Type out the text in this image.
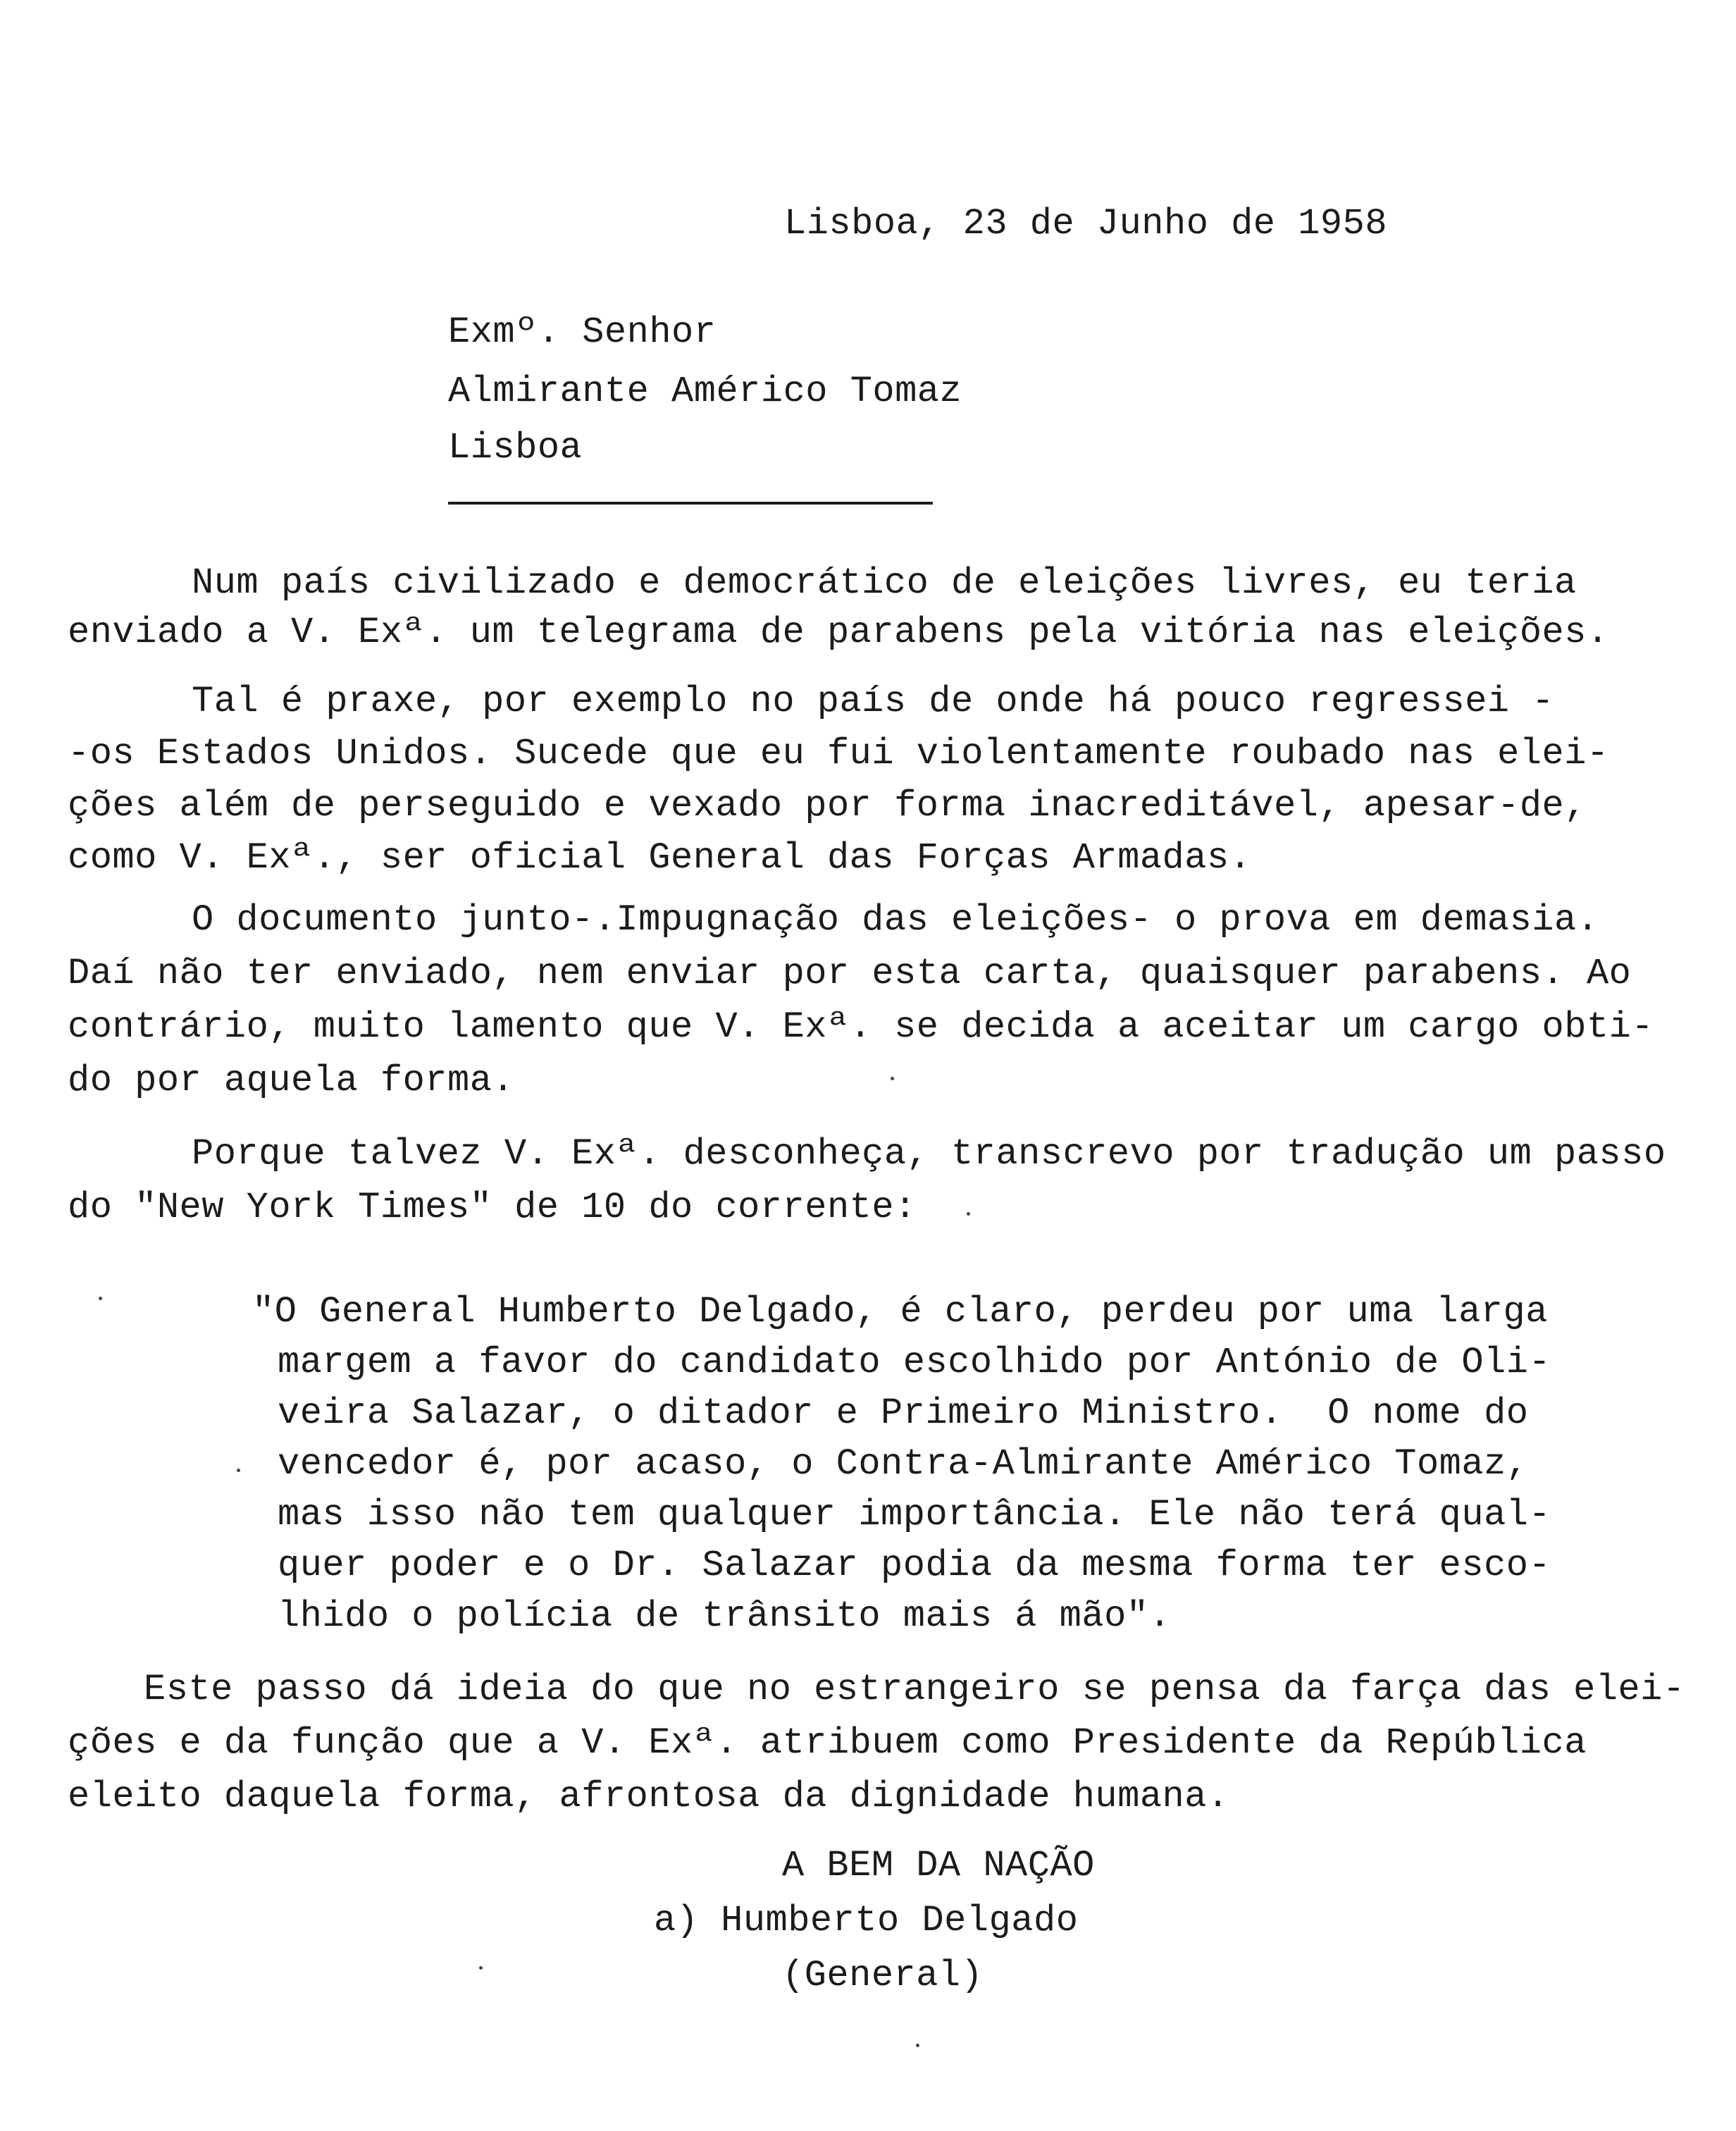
Lisboa, 23 de Junho de 1958
Exmº. Senhor
Almirante Américo Tomaz
Lisboa
Num país civilizado e democrático de eleições livres, eu teria
enviado a V. Exª. um telegrama de parabens pela vitória nas eleições.
Tal é praxe, por exemplo no país de onde há pouco regressei -
-os Estados Unidos. Sucede que eu fui violentamente roubado nas elei-
ções além de perseguido e vexado por forma inacreditável, apesar-de,
como V. Exª., ser oficial General das Forças Armadas.
O documento junto-.Impugnação das eleições- o prova em demasia.
Daí não ter enviado, nem enviar por esta carta, quaisquer parabens. Ao
contrário, muito lamento que V. Exª. se decida a aceitar um cargo obti-
do por aquela forma.
Porque talvez V. Exª. desconheça, transcrevo por tradução um passo
do "New York Times" de 10 do corrente:
"O General Humberto Delgado, é claro, perdeu por uma larga
margem a favor do candidato escolhido por António de Oli-
veira Salazar, o ditador e Primeiro Ministro.  O nome do
vencedor é, por acaso, o Contra-Almirante Américo Tomaz,
mas isso não tem qualquer importância. Ele não terá qual-
quer poder e o Dr. Salazar podia da mesma forma ter esco-
lhido o polícia de trânsito mais á mão".
Este passo dá ideia do que no estrangeiro se pensa da farça das elei-
ções e da função que a V. Exª. atribuem como Presidente da República
eleito daquela forma, afrontosa da dignidade humana.
A BEM DA NAÇÃO
a) Humberto Delgado
(General)
